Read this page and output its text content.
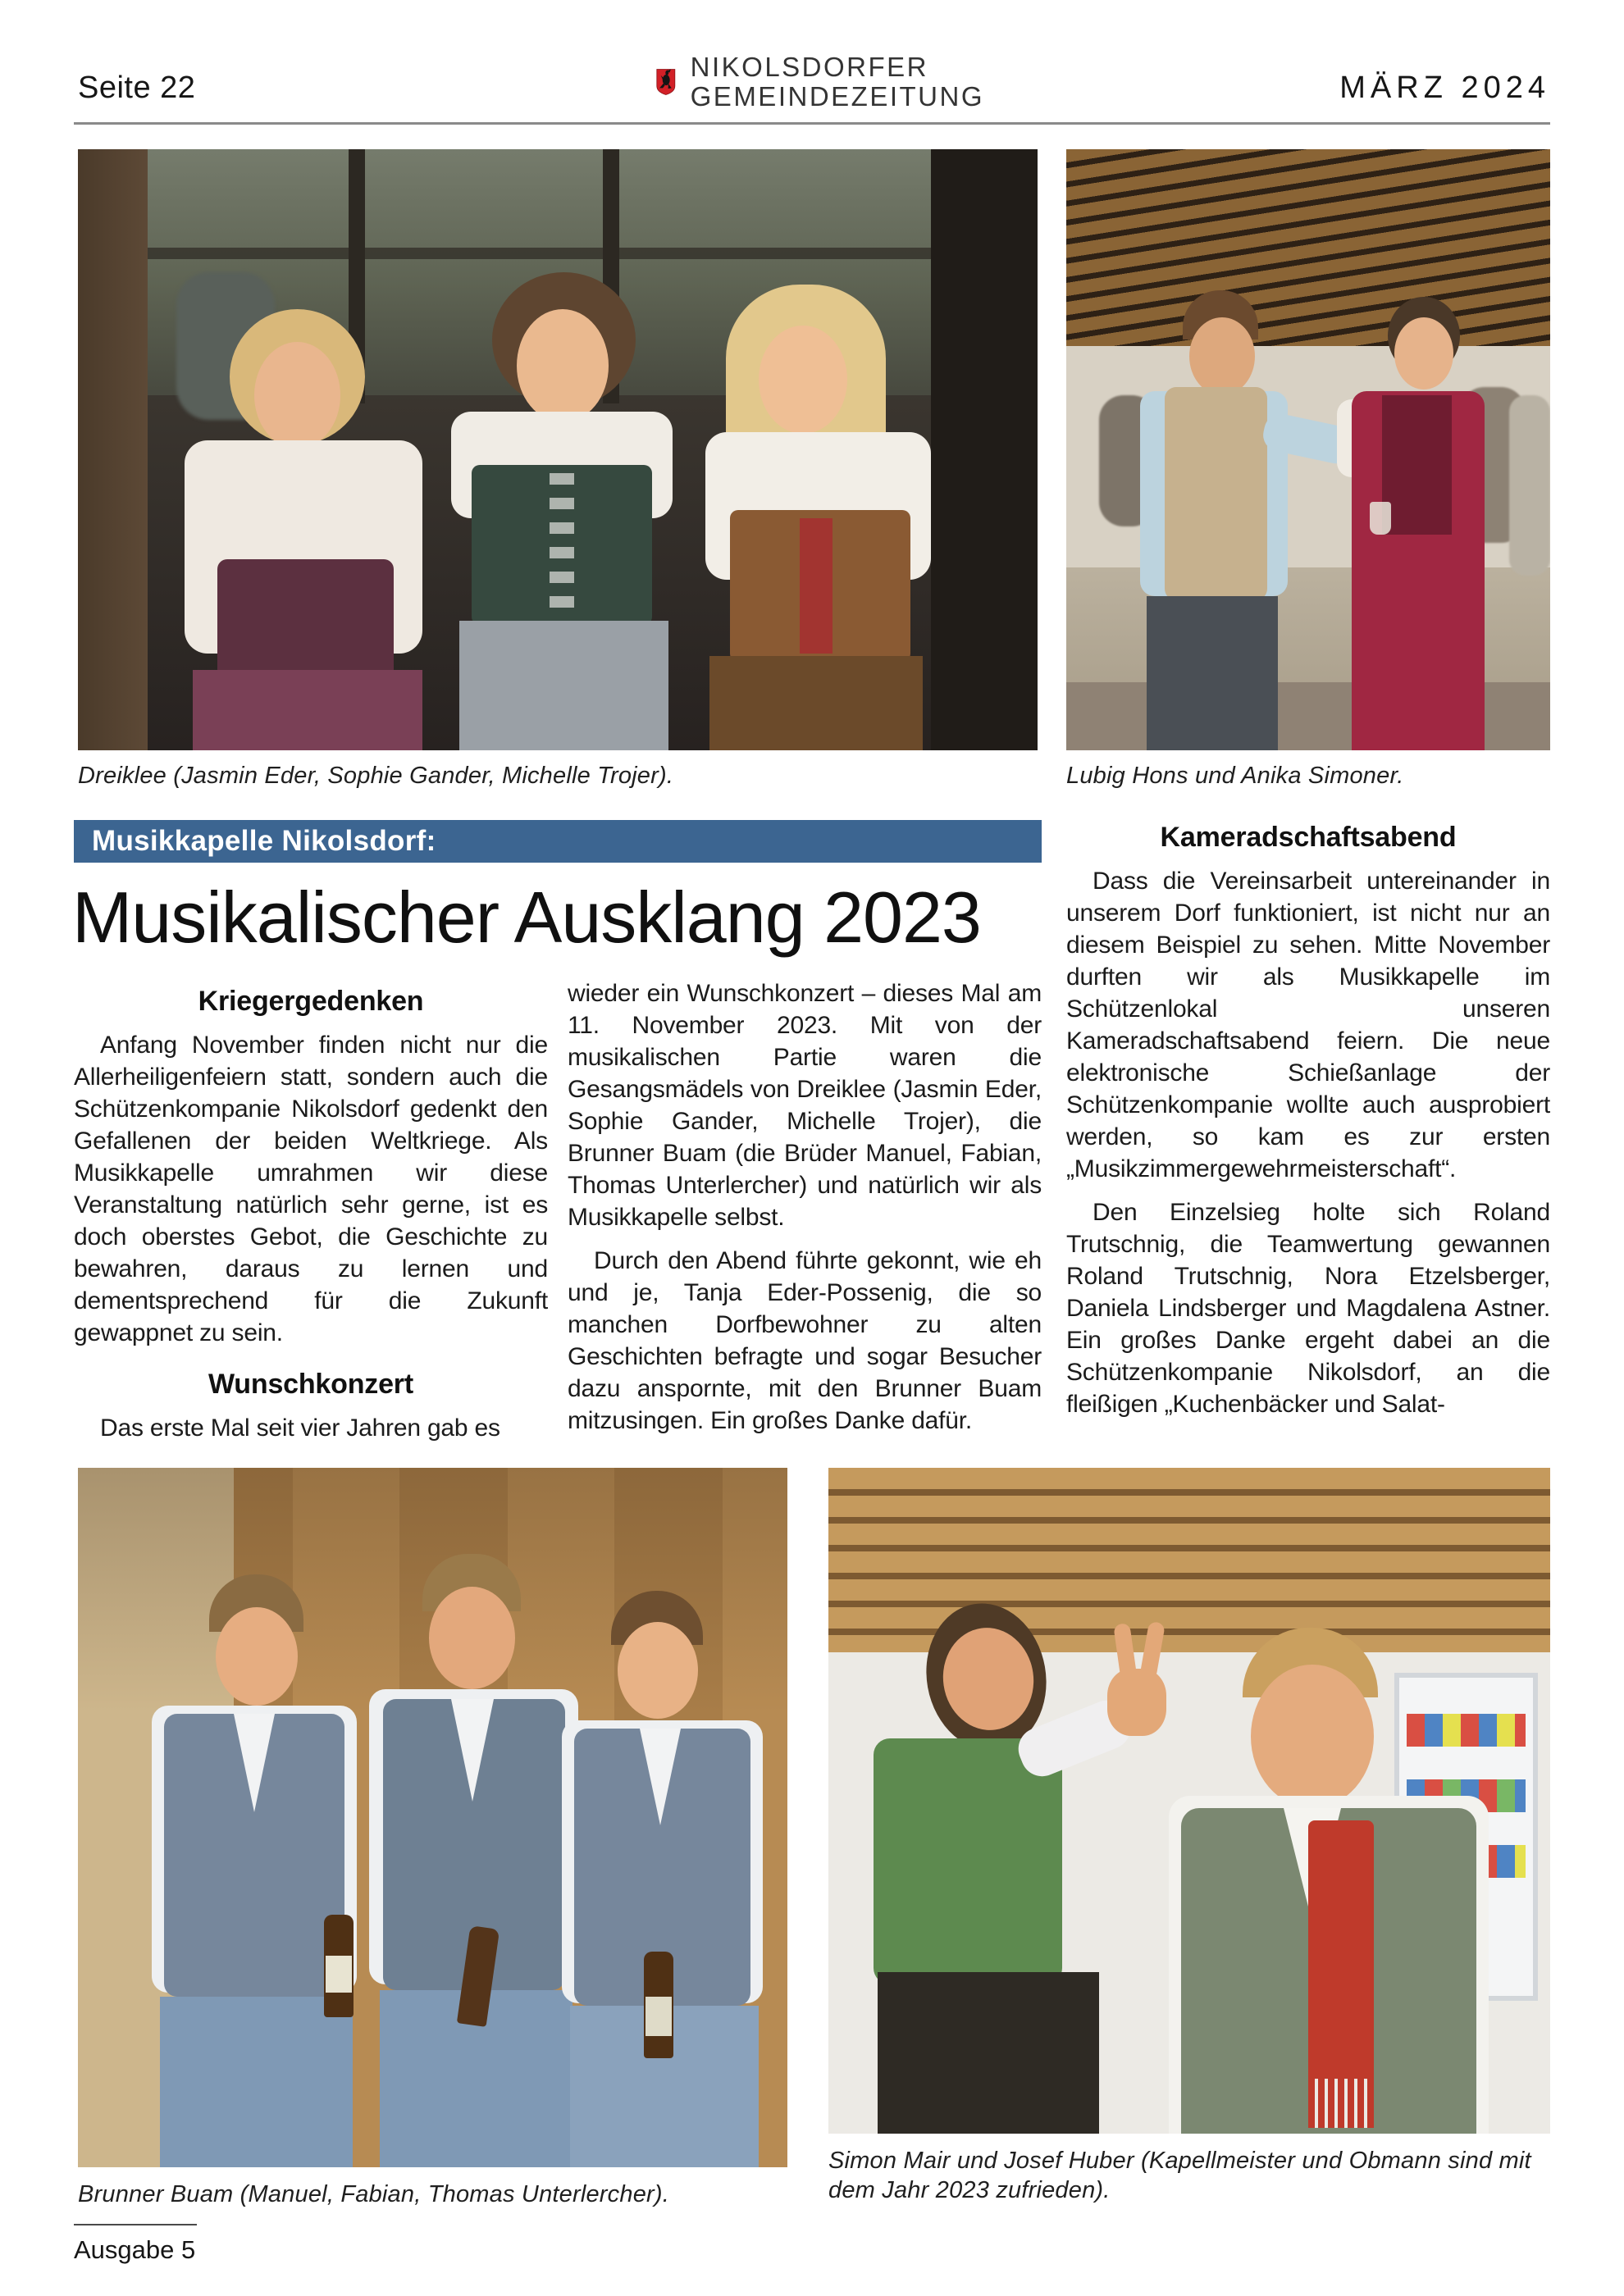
Seite 22
NIKOLSDORFER
GEMEINDEZEITUNG	MÄRZ 2024
Dreiklee (Jasmin Eder, Sophie Gander, Michelle Trojer).	Lubig Hons und Anika Simoner.
Musikkapelle Nikolsdorf:
Musikalischer Ausklang 2023
Kriegergedenken

Anfang November finden nicht nur die Allerheiligenfeiern statt, sondern auch die Schützenkompanie Nikolsdorf gedenkt den Gefallenen der beiden Weltkriege. Als Musikkapelle umrahmen wir diese Veranstaltung natürlich sehr gerne, ist es doch oberstes Gebot, die Geschichte zu bewahren, daraus zu lernen und dementsprechend für die Zukunft gewappnet zu sein.

Wunschkonzert

Das erste Mal seit vier Jahren gab es

wieder ein Wunschkonzert – dieses Mal am 11. November 2023. Mit von der musikalischen Partie waren die Gesangsmädels von Dreiklee (Jasmin Eder, Sophie Gander, Michelle Trojer), die Brunner Buam (die Brüder Manuel, Fabian, Thomas Unterlercher) und natürlich wir als Musikkapelle selbst.

Durch den Abend führte gekonnt, wie eh und je, Tanja Eder-Possenig, die so manchen Dorfbewohner zu alten Geschichten befragte und sogar Besucher dazu anspornte, mit den Brunner Buam mitzusingen. Ein großes Danke dafür.

Kameradschaftsabend

Dass die Vereinsarbeit untereinander in unserem Dorf funktioniert, ist nicht nur an diesem Beispiel zu sehen. Mitte November durften wir als Musikkapelle im Schützenlokal unseren Kameradschaftsabend feiern. Die neue elektronische Schießanlage der Schützenkompanie wollte auch ausprobiert werden, so kam es zur ersten „Musikzimmergewehrmeisterschaft“.

Den Einzelsieg holte sich Roland Trutschnig, die Teamwertung gewannen Roland Trutschnig, Nora Etzelsberger, Daniela Lindsberger und Magdalena Astner. Ein großes Danke ergeht dabei an die Schützenkompanie Nikolsdorf, an die fleißigen „Kuchenbäcker und Salat-

Brunner Buam (Manuel, Fabian, Thomas Unterlercher).
Simon Mair und Josef Huber (Kapellmeister und Obmann sind mit dem Jahr 2023 zufrieden).
Ausgabe 5
